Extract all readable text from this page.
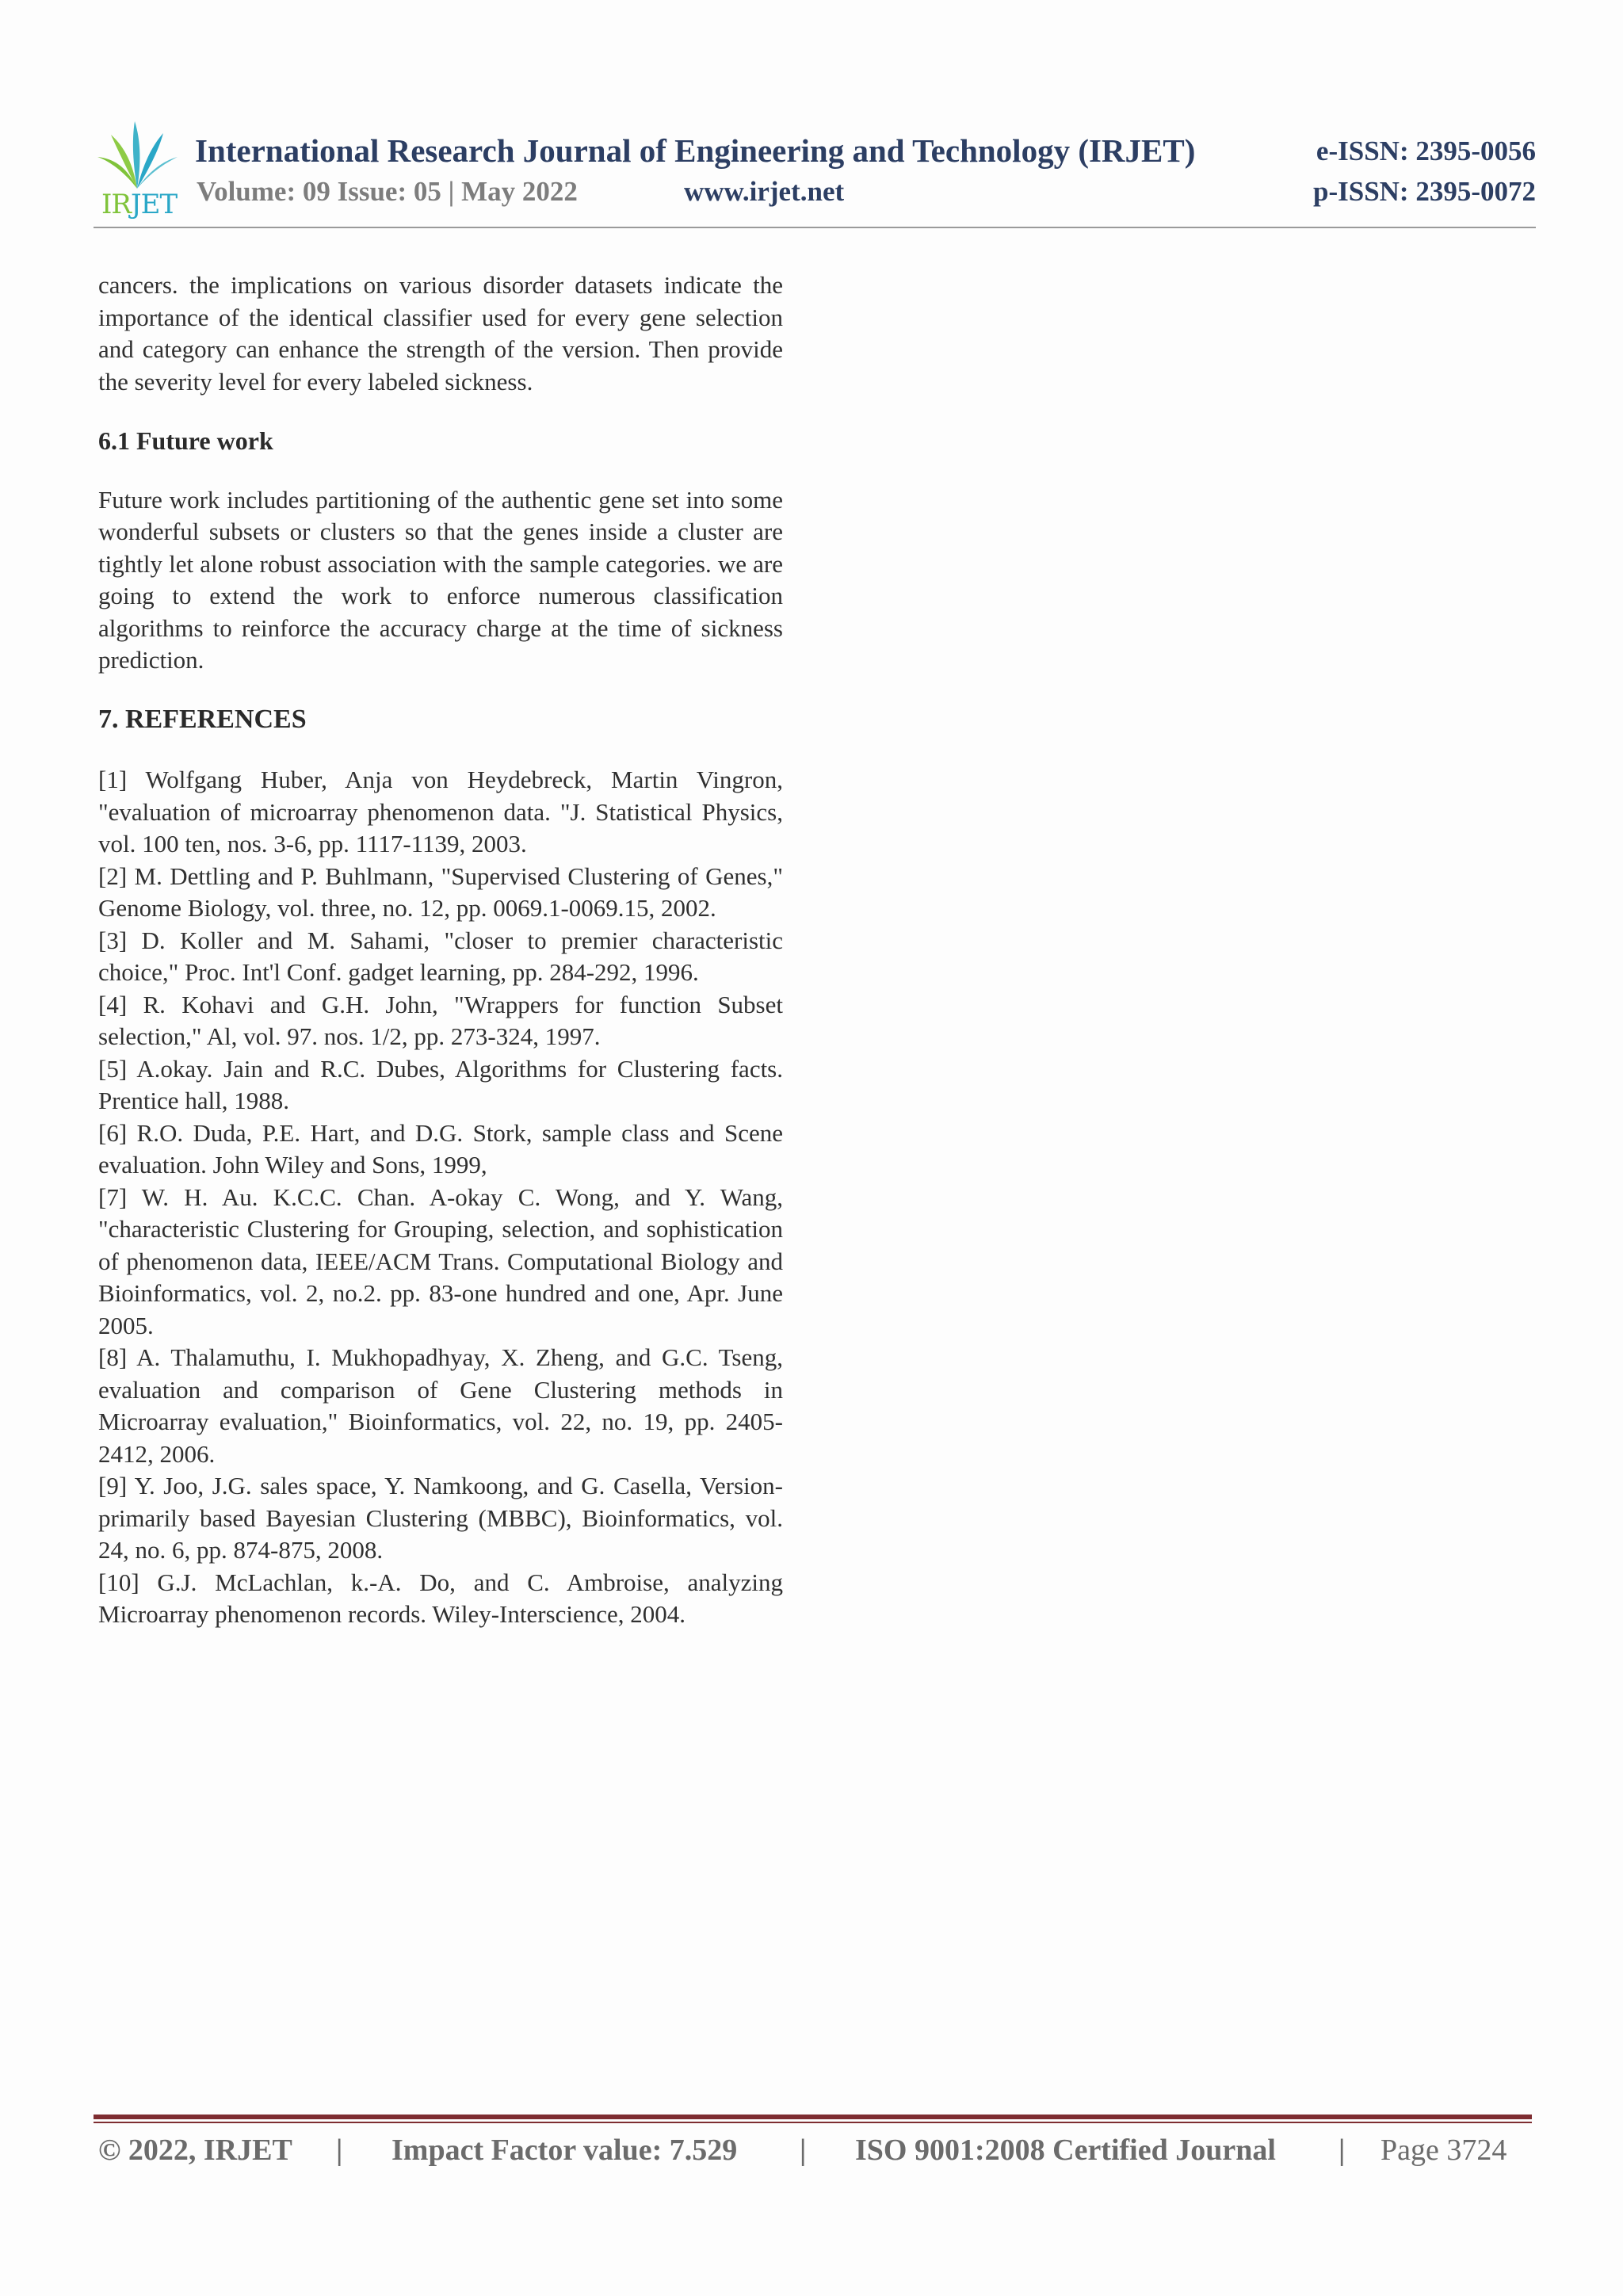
IRJET
International Research Journal of Engineering and Technology (IRJET)	e-ISSN: 2395-0056
Volume: 09 Issue: 05 | May 2022	www.irjet.net	p-ISSN: 2395-0072

cancers. the implications on various disorder datasets indicate the importance of the identical classifier used for every gene selection and category can enhance the strength of the version. Then provide the severity level for every labeled sickness.

6.1 Future work

Future work includes partitioning of the authentic gene set into some wonderful subsets or clusters so that the genes inside a cluster are tightly let alone robust association with the sample categories. we are going to extend the work to enforce numerous classification algorithms to reinforce the accuracy charge at the time of sickness prediction.

7. REFERENCES

[1] Wolfgang Huber, Anja von Heydebreck, Martin Vingron, "evaluation of microarray phenomenon data. "J. Statistical Physics, vol. 100 ten, nos. 3-6, pp. 1117-1139, 2003.

[2] M. Dettling and P. Buhlmann, "Supervised Clustering of Genes," Genome Biology, vol. three, no. 12, pp. 0069.1-0069.15, 2002.

[3] D. Koller and M. Sahami, "closer to premier characteristic choice," Proc. Int'l Conf. gadget learning, pp. 284-292, 1996.

[4] R. Kohavi and G.H. John, "Wrappers for function Subset selection," Al, vol. 97. nos. 1/2, pp. 273-324, 1997.

[5] A.okay. Jain and R.C. Dubes, Algorithms for Clustering facts. Prentice hall, 1988.

[6] R.O. Duda, P.E. Hart, and D.G. Stork, sample class and Scene evaluation. John Wiley and Sons, 1999,

[7] W. H. Au. K.C.C. Chan. A-okay C. Wong, and Y. Wang, "characteristic Clustering for Grouping, selection, and sophistication of phenomenon data, IEEE/ACM Trans. Computational Biology and Bioinformatics, vol. 2, no.2. pp. 83-one hundred and one, Apr. June 2005.

[8] A. Thalamuthu, I. Mukhopadhyay, X. Zheng, and G.C. Tseng, evaluation and comparison of Gene Clustering methods in Microarray evaluation," Bioinformatics, vol. 22, no. 19, pp. 2405-2412, 2006.

[9] Y. Joo, J.G. sales space, Y. Namkoong, and G. Casella, Version-primarily based Bayesian Clustering (MBBC), Bioinformatics, vol. 24, no. 6, pp. 874-875, 2008.

[10] G.J. McLachlan, k.-A. Do, and C. Ambroise, analyzing Microarray phenomenon records. Wiley-Interscience, 2004.

© 2022, IRJET | Impact Factor value: 7.529 | ISO 9001:2008 Certified Journal | Page 3724
